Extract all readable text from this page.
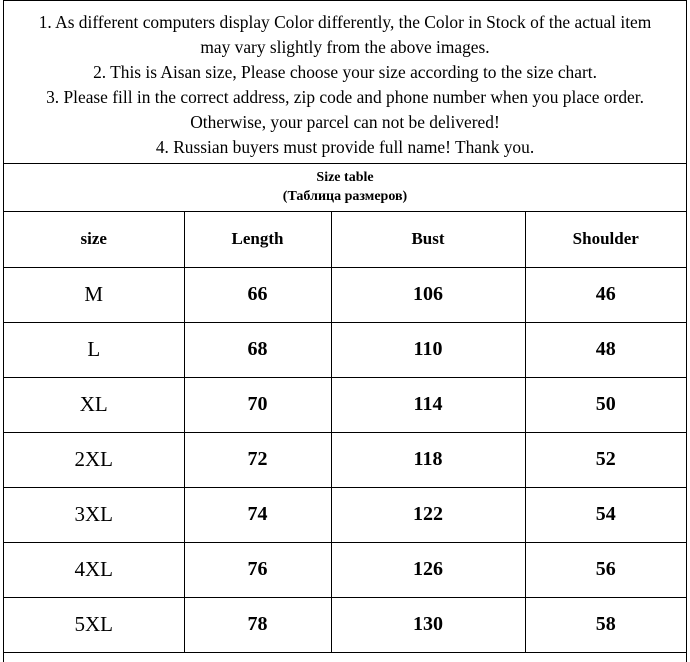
1. As different computers display Color differently, the Color in Stock of the actual item
may vary slightly from the above images.
2. This is Aisan size, Please choose your size according to the size chart.
3. Please fill in the correct address, zip code and phone number when you place order.
Otherwise, your parcel can not be delivered!
4. Russian buyers must provide full name! Thank you.
Size table
(Таблица размеров)
size	Length	Bust	Shoulder
M	66	106	46
L	68	110	48
XL	70	114	50
2XL	72	118	52
3XL	74	122	54
4XL	76	126	56
5XL	78	130	58
